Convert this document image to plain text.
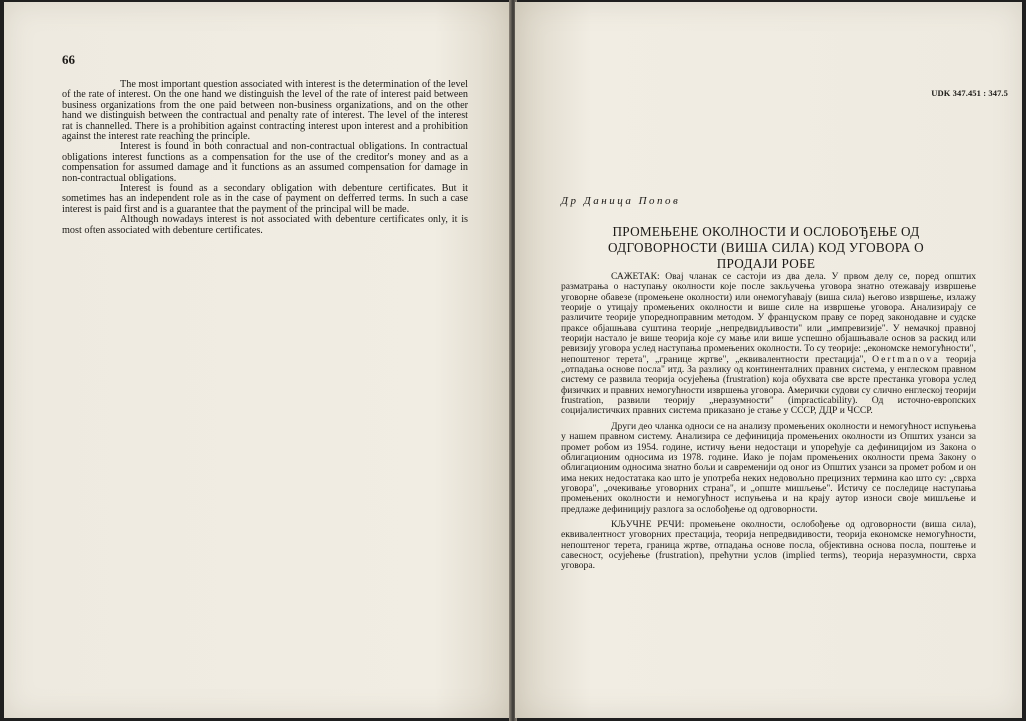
66

The most important question associated with interest is the determination of the level of the rate of interest. On the one hand we distinguish the level of the rate of interest paid between business organizations from the one paid between non-business organizations, and on the other hand we distinguish between the contractual and penalty rate of interest. The level of the interest rat is channelled. There is a prohibition against contracting interest upon interest and a prohibition against the interest rate reaching the principle.

Interest is found in both conractual and non-contractual obligations. In contractual obligations interest functions as a compensation for the use of the creditor's money and as a compensation for assumed damage and it functions as an assumed compensation for damage in non-contractual obligations.

Interest is found as a secondary obligation with debenture certificates. But it sometimes has an independent role as in the case of payment on defferred terms. In such a case interest is paid first and is a guarantee that the payment of the principal will be made.

Although nowadays interest is not associated with debenture certificates only, it is most often associated with debenture certificates.

UDK 347.451 : 347.5
Др Даница Попов
ПРОМЕЊЕНЕ ОКОЛНОСТИ И ОСЛОБОЂЕЊЕ ОД
ОДГОВОРНОСТИ (ВИША СИЛА) КОД УГОВОРА О
ПРОДАЈИ РОБЕ

САЖЕТАК: Овај чланак се састоји из два дела. У првом делу се, поред општих разматрања о наступању околности које после закључења уговора знатно отежавају извршење уговорне обавезе (промењене околности) или онемогућавају (виша сила) његово извршење, излажу теорије о утицају промењених околности и више силе на извршење уговора. Анализирају се различите теорије упоредноправним методом. У француском праву се поред законодавне и судске праксе објашњава суштина теорије „непредвидљивости" или „импревизије". У немачкој правној теорији настало је више теорија које су мање или више успешно објашњавале основ за раскид или ревизију уговора услед наступања промењених околности. То су теорије: „економске немогућности", непоштеног терета", „границе жртве", „еквивалентности престација", Oertmanova теорија „отпадања основе посла" итд. За разлику од континенталних правних система, у енглеском правном систему се развила теорија осујећења (frustration) која обухвата све врсте престанка уговора услед физичких и правних немогућности извршења уговора. Амерички судови су слично енглеској теорији frustration, развили теорију „неразумности" (impracticability). Од источно-европских социјалистичких правних система приказано је стање у СССР, ДДР и ЧССР.

Други део чланка односи се на анализу промењених околности и немогућност испуњења у нашем правном систему. Анализира се дефиниција промењених околности из Општих узанси за промет робом из 1954. године, истичу њени недостаци и упоређује са дефиницијом из Закона о облигационим односима из 1978. године. Иако је појам промењених околности према Закону о облигационим односима знатно бољи и савременији од оног из Општих узанси за промет робом и он има неких недостатака као што је употреба неких недовољно прецизних термина као што су: „сврха уговора", „очекивање уговорних страна", и „опште мишљење". Истичу се последице наступања промењених околности и немогућност испуњења и на крају аутор износи своје мишљење и предлаже дефиницију разлога за ослобођење од одговорности.

КЉУЧНЕ РЕЧИ: промењене околности, ослобођење од одговорности (виша сила), еквивалентност уговорних престација, теорија непредвидивости, теорија економске немогућности, непоштеног терета, граница жртве, отпадања основе посла, објективна основа посла, поштење и савесност, осујећење (frustration), прећутни услов (implied terms), теорија неразумности, сврха уговора.
